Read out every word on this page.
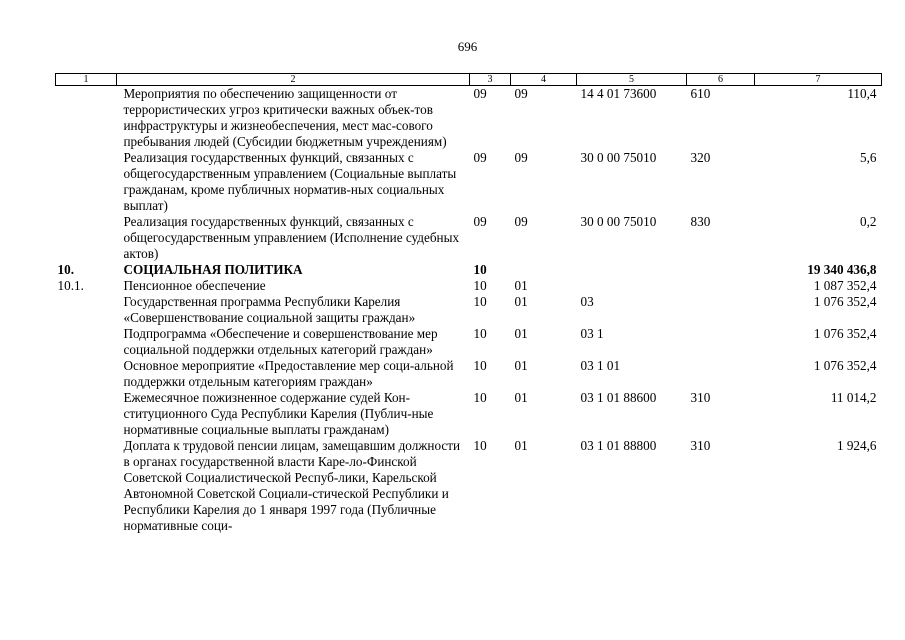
696
1	2	3	4	5	6	7
	Мероприятия по обеспечению защищенности от террористических угроз критически важных объек-тов инфраструктуры и жизнеобеспечения, мест мас-сового пребывания людей (Субсидии бюджетным учреждениям)	09	09	14 4 01 73600	610	110,4
	Реализация государственных функций, связанных с общегосударственным управлением (Социальные выплаты гражданам, кроме публичных норматив-ных социальных выплат)	09	09	30 0 00 75010	320	5,6
	Реализация государственных функций, связанных с общегосударственным управлением (Исполнение судебных актов)	09	09	30 0 00 75010	830	0,2
10.	СОЦИАЛЬНАЯ ПОЛИТИКА	10				19 340 436,8
10.1.	Пенсионное обеспечение	10	01			1 087 352,4
	Государственная программа Республики Карелия «Совершенствование социальной защиты граждан»	10	01	03		1 076 352,4
	Подпрограмма «Обеспечение и совершенствование мер социальной поддержки отдельных категорий граждан»	10	01	03 1		1 076 352,4
	Основное мероприятие «Предоставление мер соци-альной поддержки отдельным категориям граждан»	10	01	03 1 01		1 076 352,4
	Ежемесячное пожизненное содержание судей Кон-ституционного Суда Республики Карелия (Публич-ные нормативные социальные выплаты гражданам)	10	01	03 1 01 88600	310	11 014,2
	Доплата к трудовой пенсии лицам, замещавшим должности в органах государственной власти Каре-ло-Финской Советской Социалистической Респуб-лики, Карельской Автономной Советской Социали-стической Республики и Республики Карелия до 1 января 1997 года (Публичные нормативные соци-	10	01	03 1 01 88800	310	1 924,6
